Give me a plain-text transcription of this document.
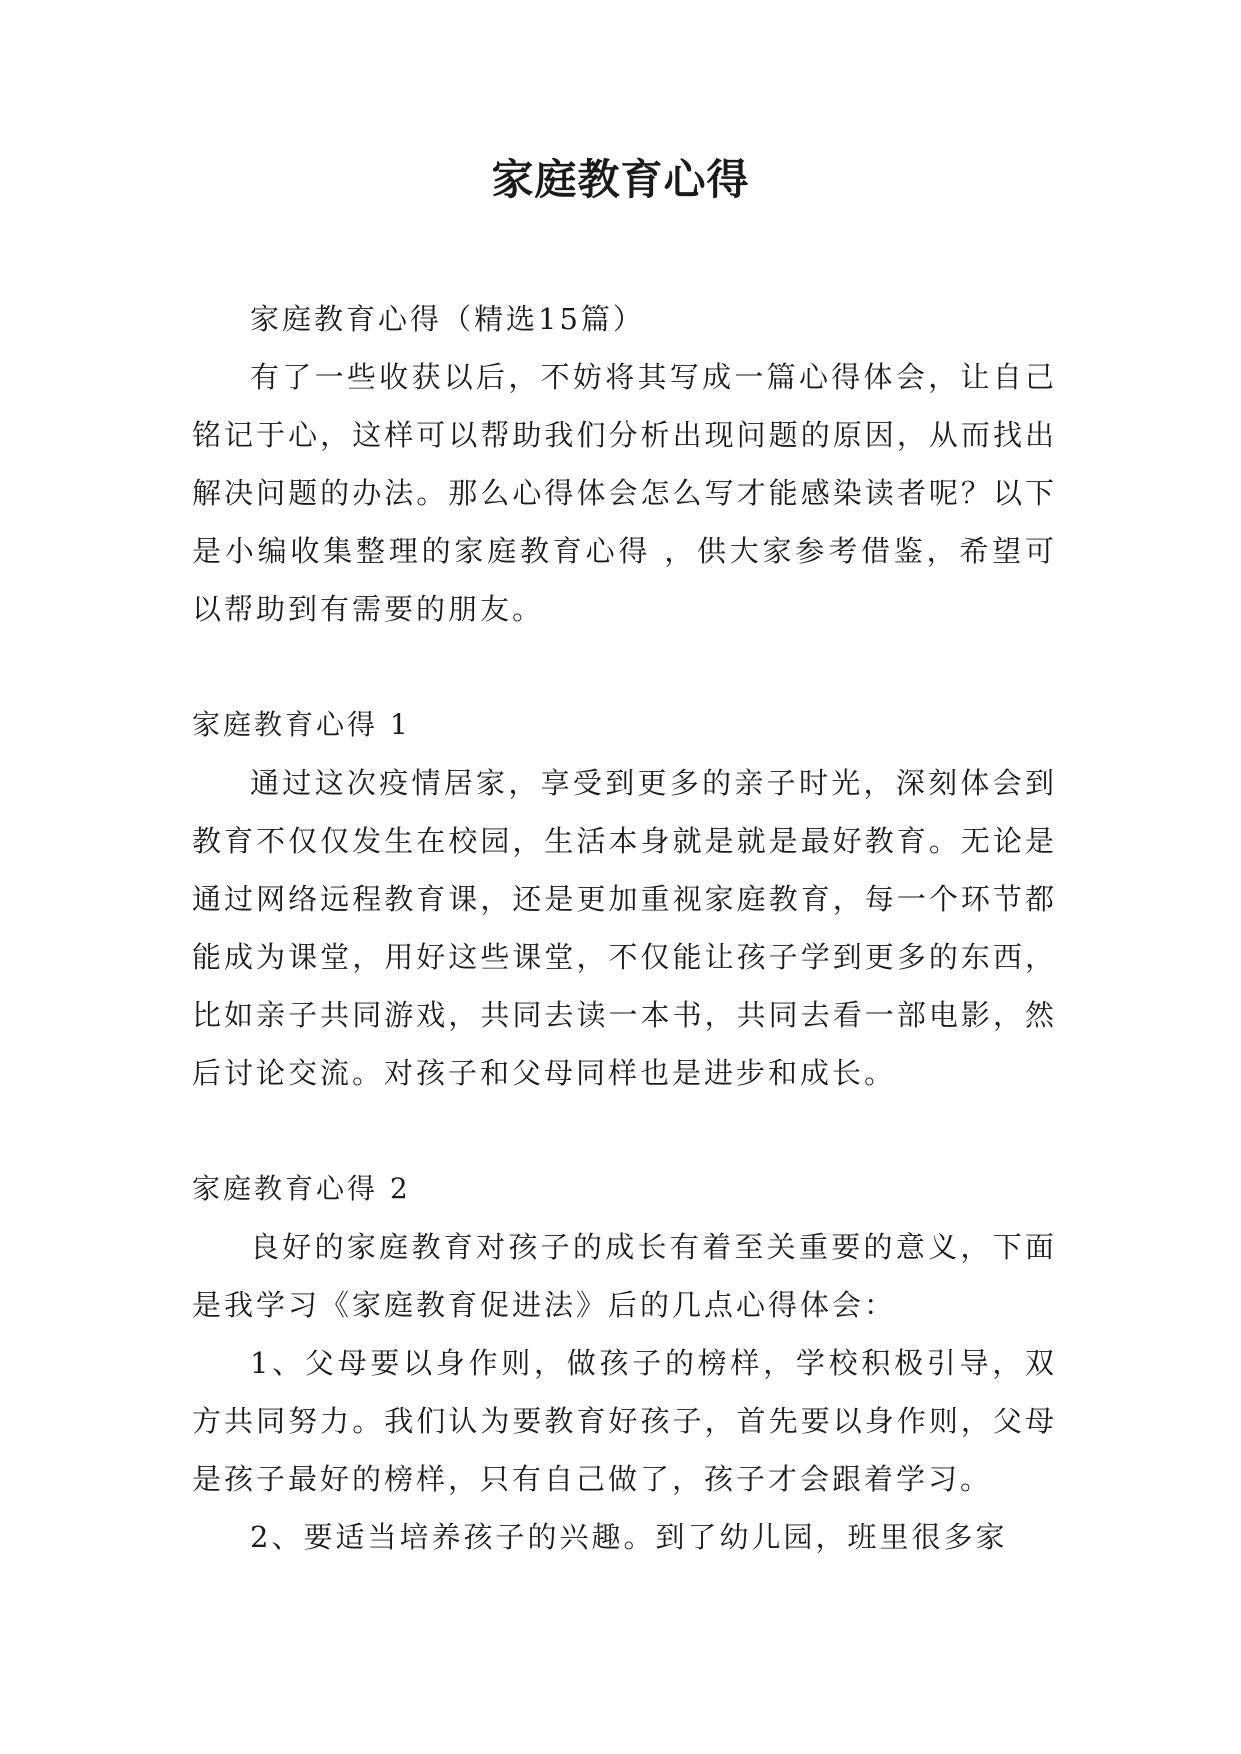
家庭教育心得

家庭教育心得（精选15篇）

有了一些收获以后，不妨将其写成一篇心得体会，让自己铭记于心，这样可以帮助我们分析出现问题的原因，从而找出解决问题的办法。那么心得体会怎么写才能感染读者呢？以下是小编收集整理的家庭教育心得 ，供大家参考借鉴，希望可以帮助到有需要的朋友。

家庭教育心得 1

通过这次疫情居家，享受到更多的亲子时光，深刻体会到教育不仅仅发生在校园，生活本身就是就是最好教育。无论是通过网络远程教育课，还是更加重视家庭教育，每一个环节都能成为课堂，用好这些课堂，不仅能让孩子学到更多的东西，比如亲子共同游戏，共同去读一本书，共同去看一部电影，然后讨论交流。对孩子和父母同样也是进步和成长。

家庭教育心得 2

良好的家庭教育对孩子的成长有着至关重要的意义，下面是我学习《家庭教育促进法》后的几点心得体会：

1、父母要以身作则，做孩子的榜样，学校积极引导，双方共同努力。我们认为要教育好孩子，首先要以身作则，父母是孩子最好的榜样，只有自己做了，孩子才会跟着学习。

2、要适当培养孩子的兴趣。到了幼儿园，班里很多家
